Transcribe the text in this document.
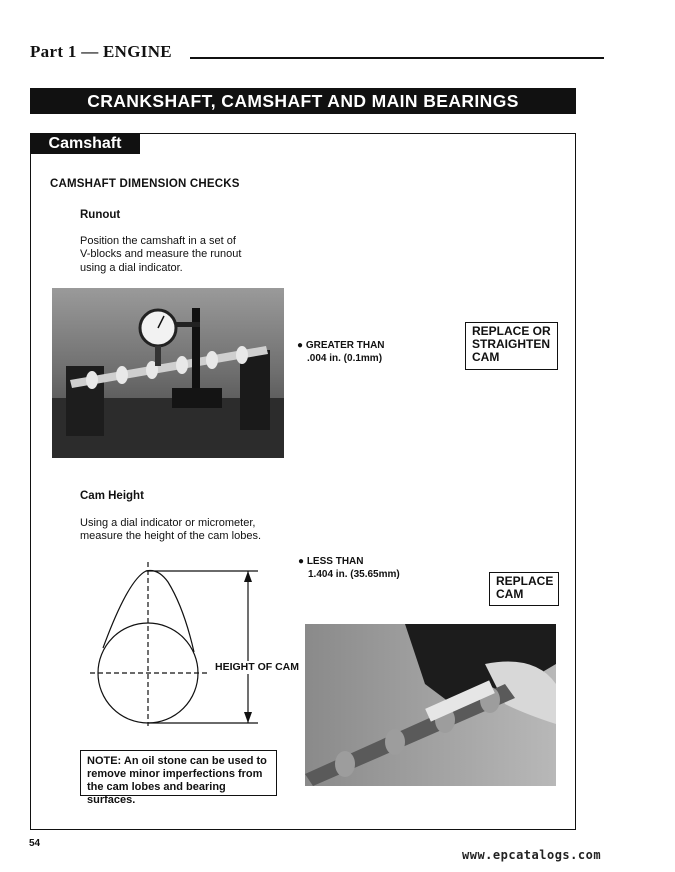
Part 1 — ENGINE
CRANKSHAFT, CAMSHAFT AND MAIN BEARINGS
Camshaft
CAMSHAFT DIMENSION CHECKS
Runout
Position the camshaft in a set of
V-blocks and measure the runout
using a dial indicator.
● GREATER THAN
.004 in. (0.1mm)
REPLACE OR
STRAIGHTEN
CAM
Cam Height
Using a dial indicator or micrometer,
measure the height of the cam lobes.
● LESS THAN
1.404 in. (35.65mm)	REPLACE
CAM
HEIGHT OF CAM
NOTE: An oil stone can be used to remove minor imperfections from the cam lobes and bearing surfaces.
54
www.epcatalogs.com
